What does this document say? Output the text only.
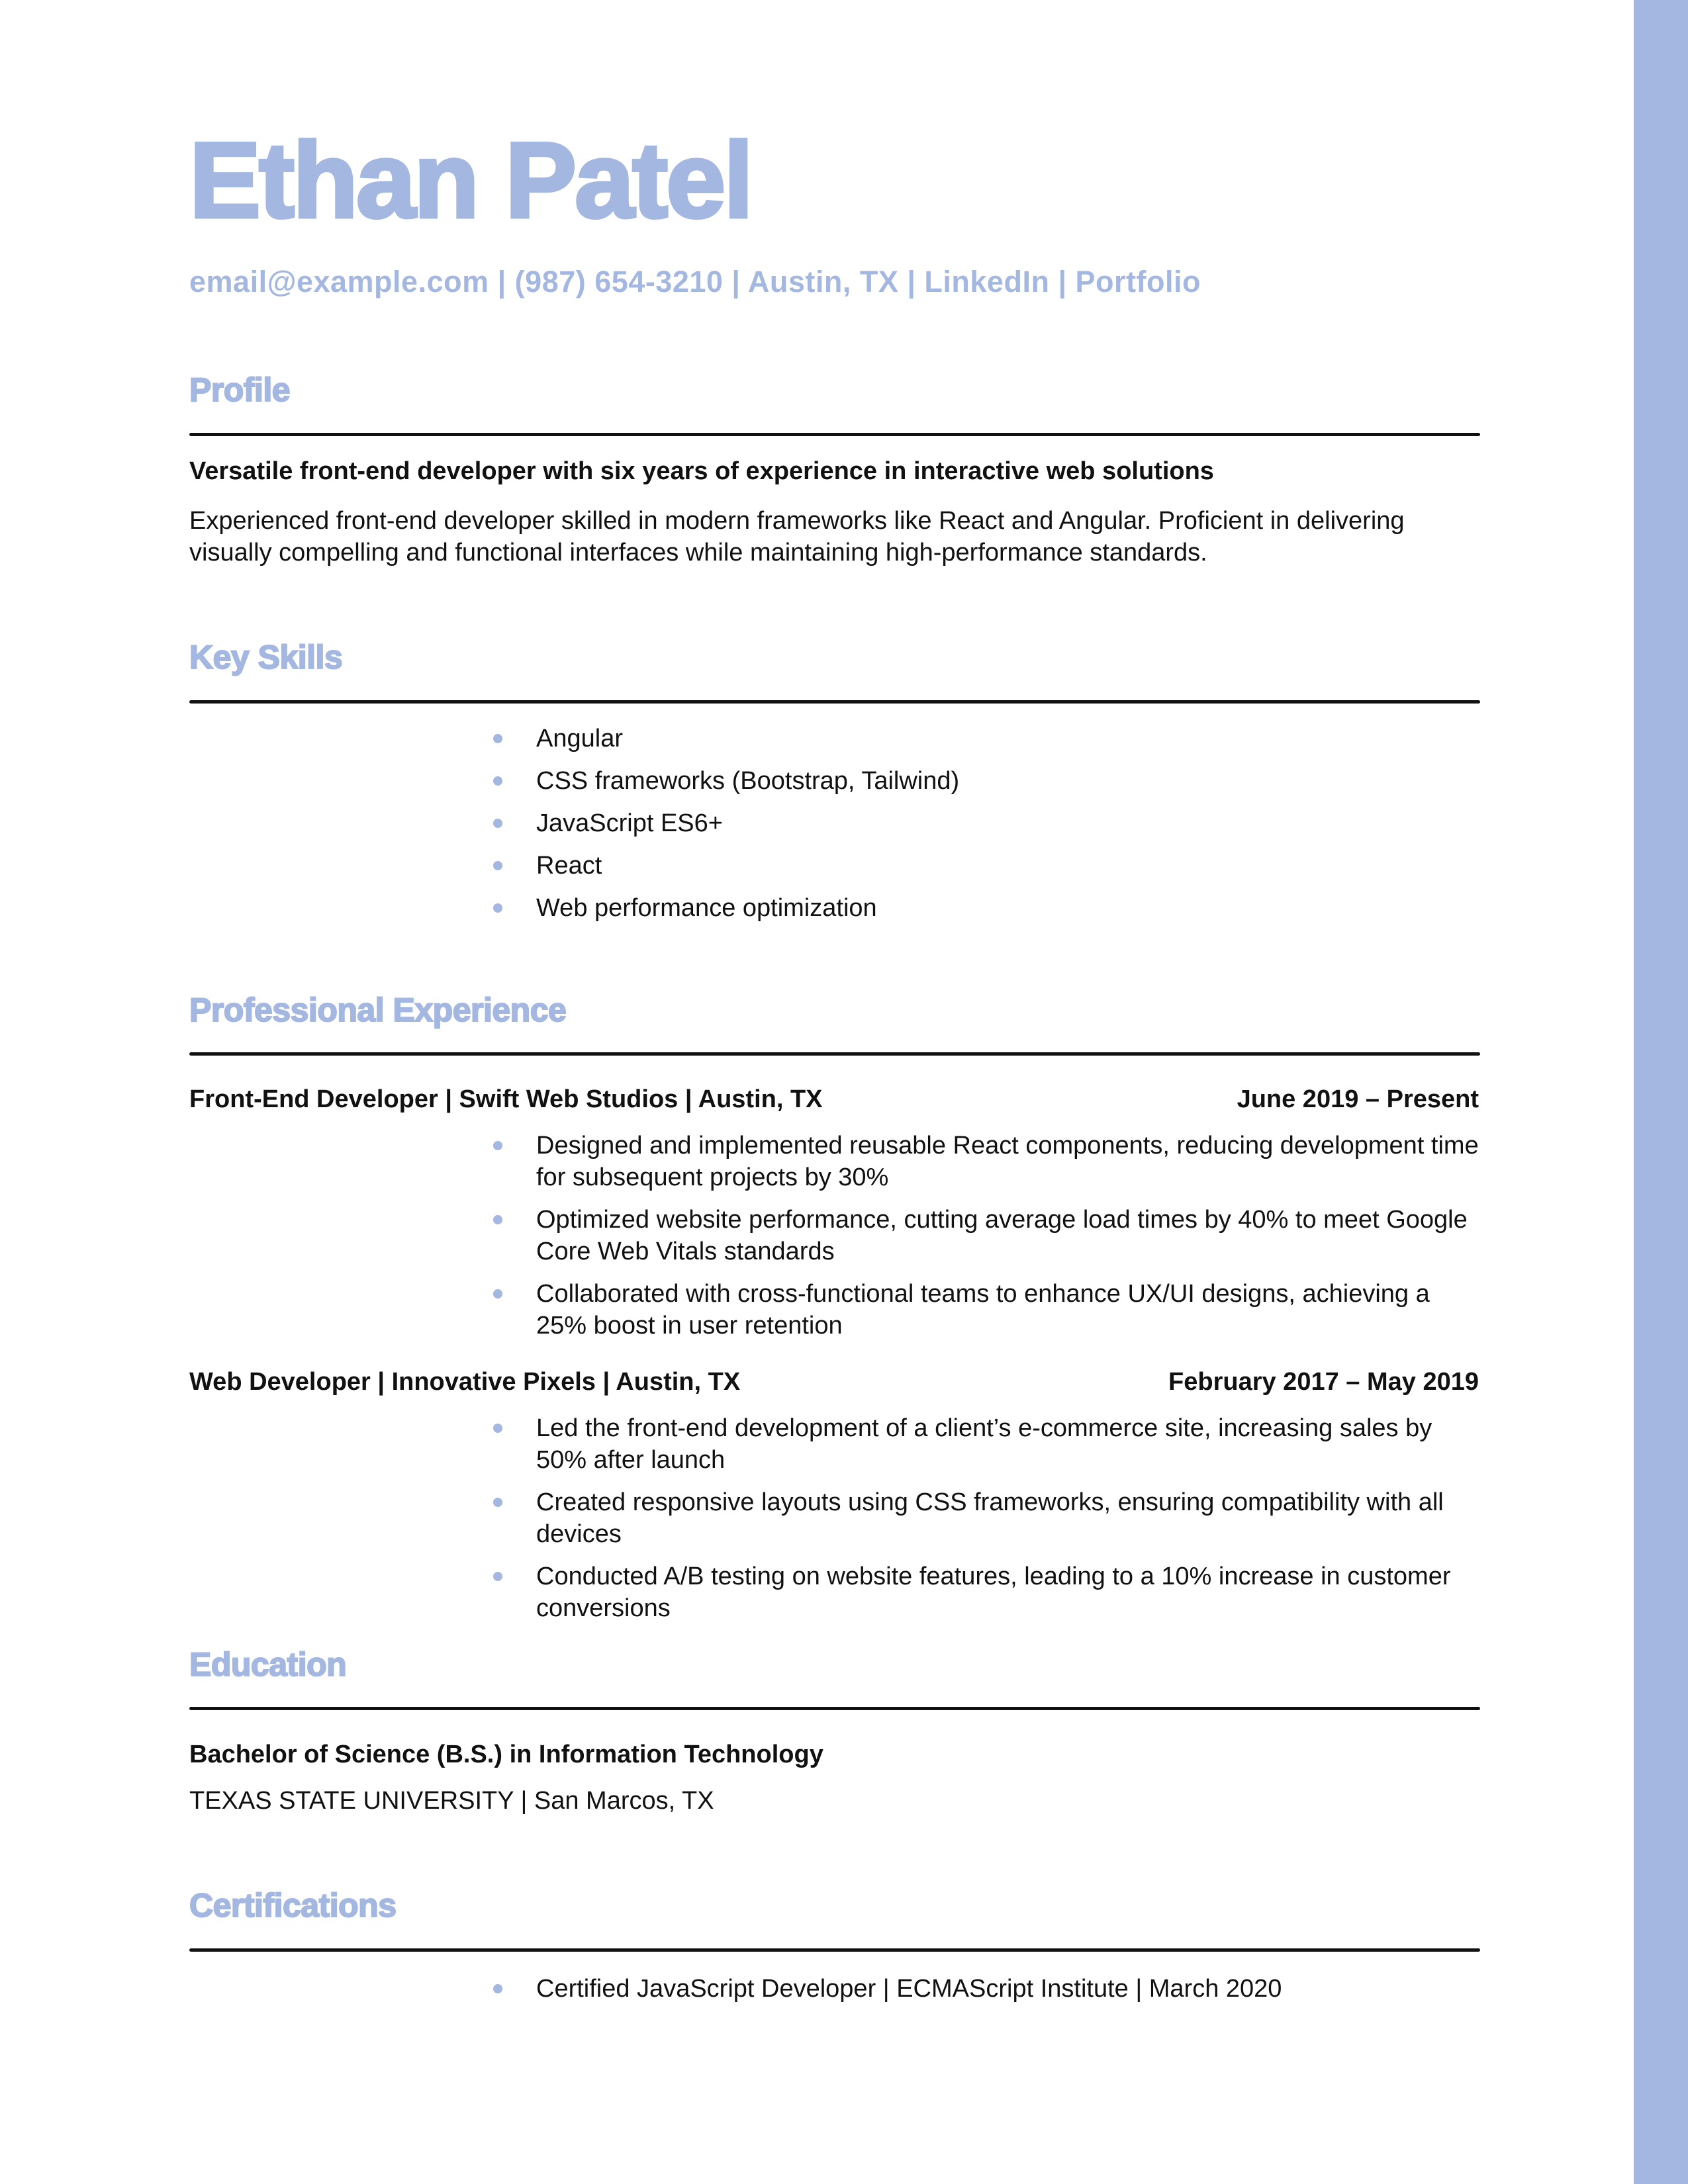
Ethan Patel
email@example.com | (987) 654-3210 | Austin, TX | LinkedIn | Portfolio
Profile
Versatile front-end developer with six years of experience in interactive web solutions

Experienced front-end developer skilled in modern frameworks like React and Angular. Proficient in delivering visually compelling and functional interfaces while maintaining high-performance standards.

Key Skills
Angular
CSS frameworks (Bootstrap, Tailwind)
JavaScript ES6+
React
Web performance optimization
Professional Experience
Front-End Developer | Swift Web Studios | Austin, TX	June 2019 – Present
Designed and implemented reusable React components, reducing development time for subsequent projects by 30%
Optimized website performance, cutting average load times by 40% to meet Google Core Web Vitals standards
Collaborated with cross-functional teams to enhance UX/UI designs, achieving a 25% boost in user retention
Web Developer | Innovative Pixels | Austin, TX	February 2017 – May 2019
Led the front-end development of a client’s e-commerce site, increasing sales by 50% after launch
Created responsive layouts using CSS frameworks, ensuring compatibility with all devices
Conducted A/B testing on website features, leading to a 10% increase in customer conversions
Education
Bachelor of Science (B.S.) in Information Technology
TEXAS STATE UNIVERSITY | San Marcos, TX
Certifications
Certified JavaScript Developer | ECMAScript Institute | March 2020
